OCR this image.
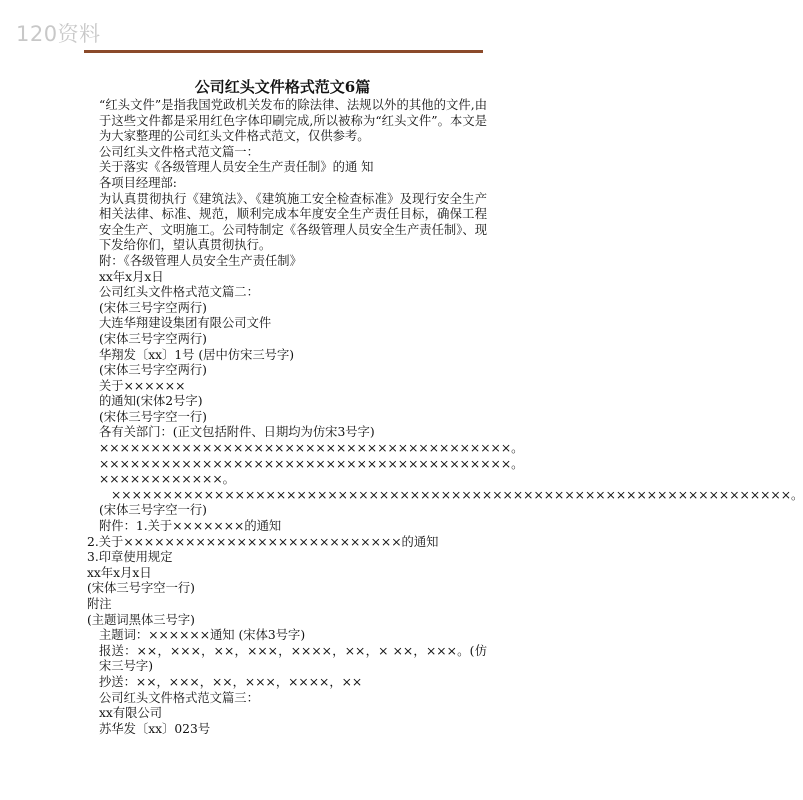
120资料
公司红头文件格式范文6篇

“红头文件”是指我国党政机关发布的除法律、法规以外的其他的文件,由于这些文件都是采用红色字体印刷完成,所以被称为“红头文件”。本文是为大家整理的公司红头文件格式范文，仅供参考。

公司红头文件格式范文篇一：

关于落实《各级管理人员安全生产责任制》的通 知

各项目经理部:

为认真贯彻执行《建筑法》、《建筑施工安全检查标准》及现行安全生产相关法律、标准、规范，顺利完成本年度安全生产责任目标，确保工程安全生产、文明施工。公司特制定《各级管理人员安全生产责任制》、现下发给你们，望认真贯彻执行。

附：《各级管理人员安全生产责任制》

xx年x月x日

公司红头文件格式范文篇二：

(宋体三号字空两行)

大连华翔建设集团有限公司文件

(宋体三号字空两行)

华翔发〔xx〕1号 (居中仿宋三号字)

(宋体三号字空两行)

关于××××××

的通知(宋体2号字)

(宋体三号字空一行)

各有关部门：(正文包括附件、日期均为仿宋3号字)

××××××××××××××××××××××××××××××××××××××××。

××××××××××××××××××××××××××××××××××××××××。

××××××××××××。

××××××××××××××××××××××××××××××××××××××××××××××××××××××××××××××××××。

(宋体三号字空一行)

附件：1.关于×××××××的通知

2.关于×××××××××××××××××××××××××××的通知

3.印章使用规定

xx年x月x日

(宋体三号字空一行)

附注

(主题词黑体三号字)

主题词：××××××通知 (宋体3号字)

报送：××，×××，××，×××，××××，××，× ××，×××。(仿宋三号字)

抄送：××，×××，××，×××，××××，××

公司红头文件格式范文篇三：

xx有限公司

苏华发〔xx〕023号
